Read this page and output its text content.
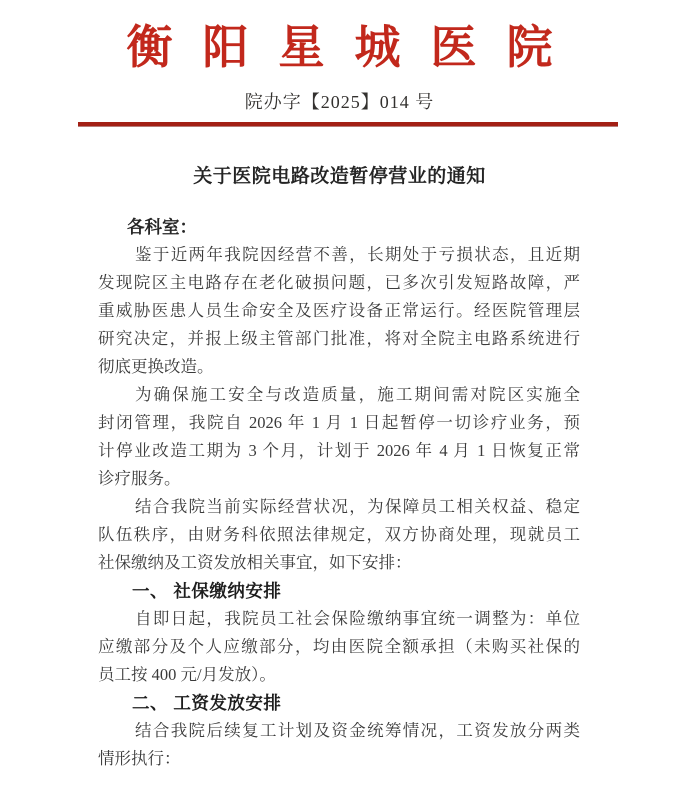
衡阳星城医院
院办字【2025】014 号
关于医院电路改造暂停营业的通知
各科室：
鉴于近两年我院因经营不善，长期处于亏损状态，且近期
发现院区主电路存在老化破损问题，已多次引发短路故障，严
重威胁医患人员生命安全及医疗设备正常运行。经医院管理层
研究决定，并报上级主管部门批准，将对全院主电路系统进行
彻底更换改造。
为确保施工安全与改造质量，施工期间需对院区实施全
封闭管理，我院自 2026 年 1 月 1 日起暂停一切诊疗业务，预
计停业改造工期为 3 个月，计划于 2026 年 4 月 1 日恢复正常
诊疗服务。
结合我院当前实际经营状况，为保障员工相关权益、稳定
队伍秩序，由财务科依照法律规定，双方协商处理，现就员工
社保缴纳及工资发放相关事宜，如下安排：
一、 社保缴纳安排
自即日起，我院员工社会保险缴纳事宜统一调整为：单位
应缴部分及个人应缴部分，均由医院全额承担（未购买社保的
员工按 400 元/月发放）。
二、 工资发放安排
结合我院后续复工计划及资金统筹情况，工资发放分两类
情形执行：
